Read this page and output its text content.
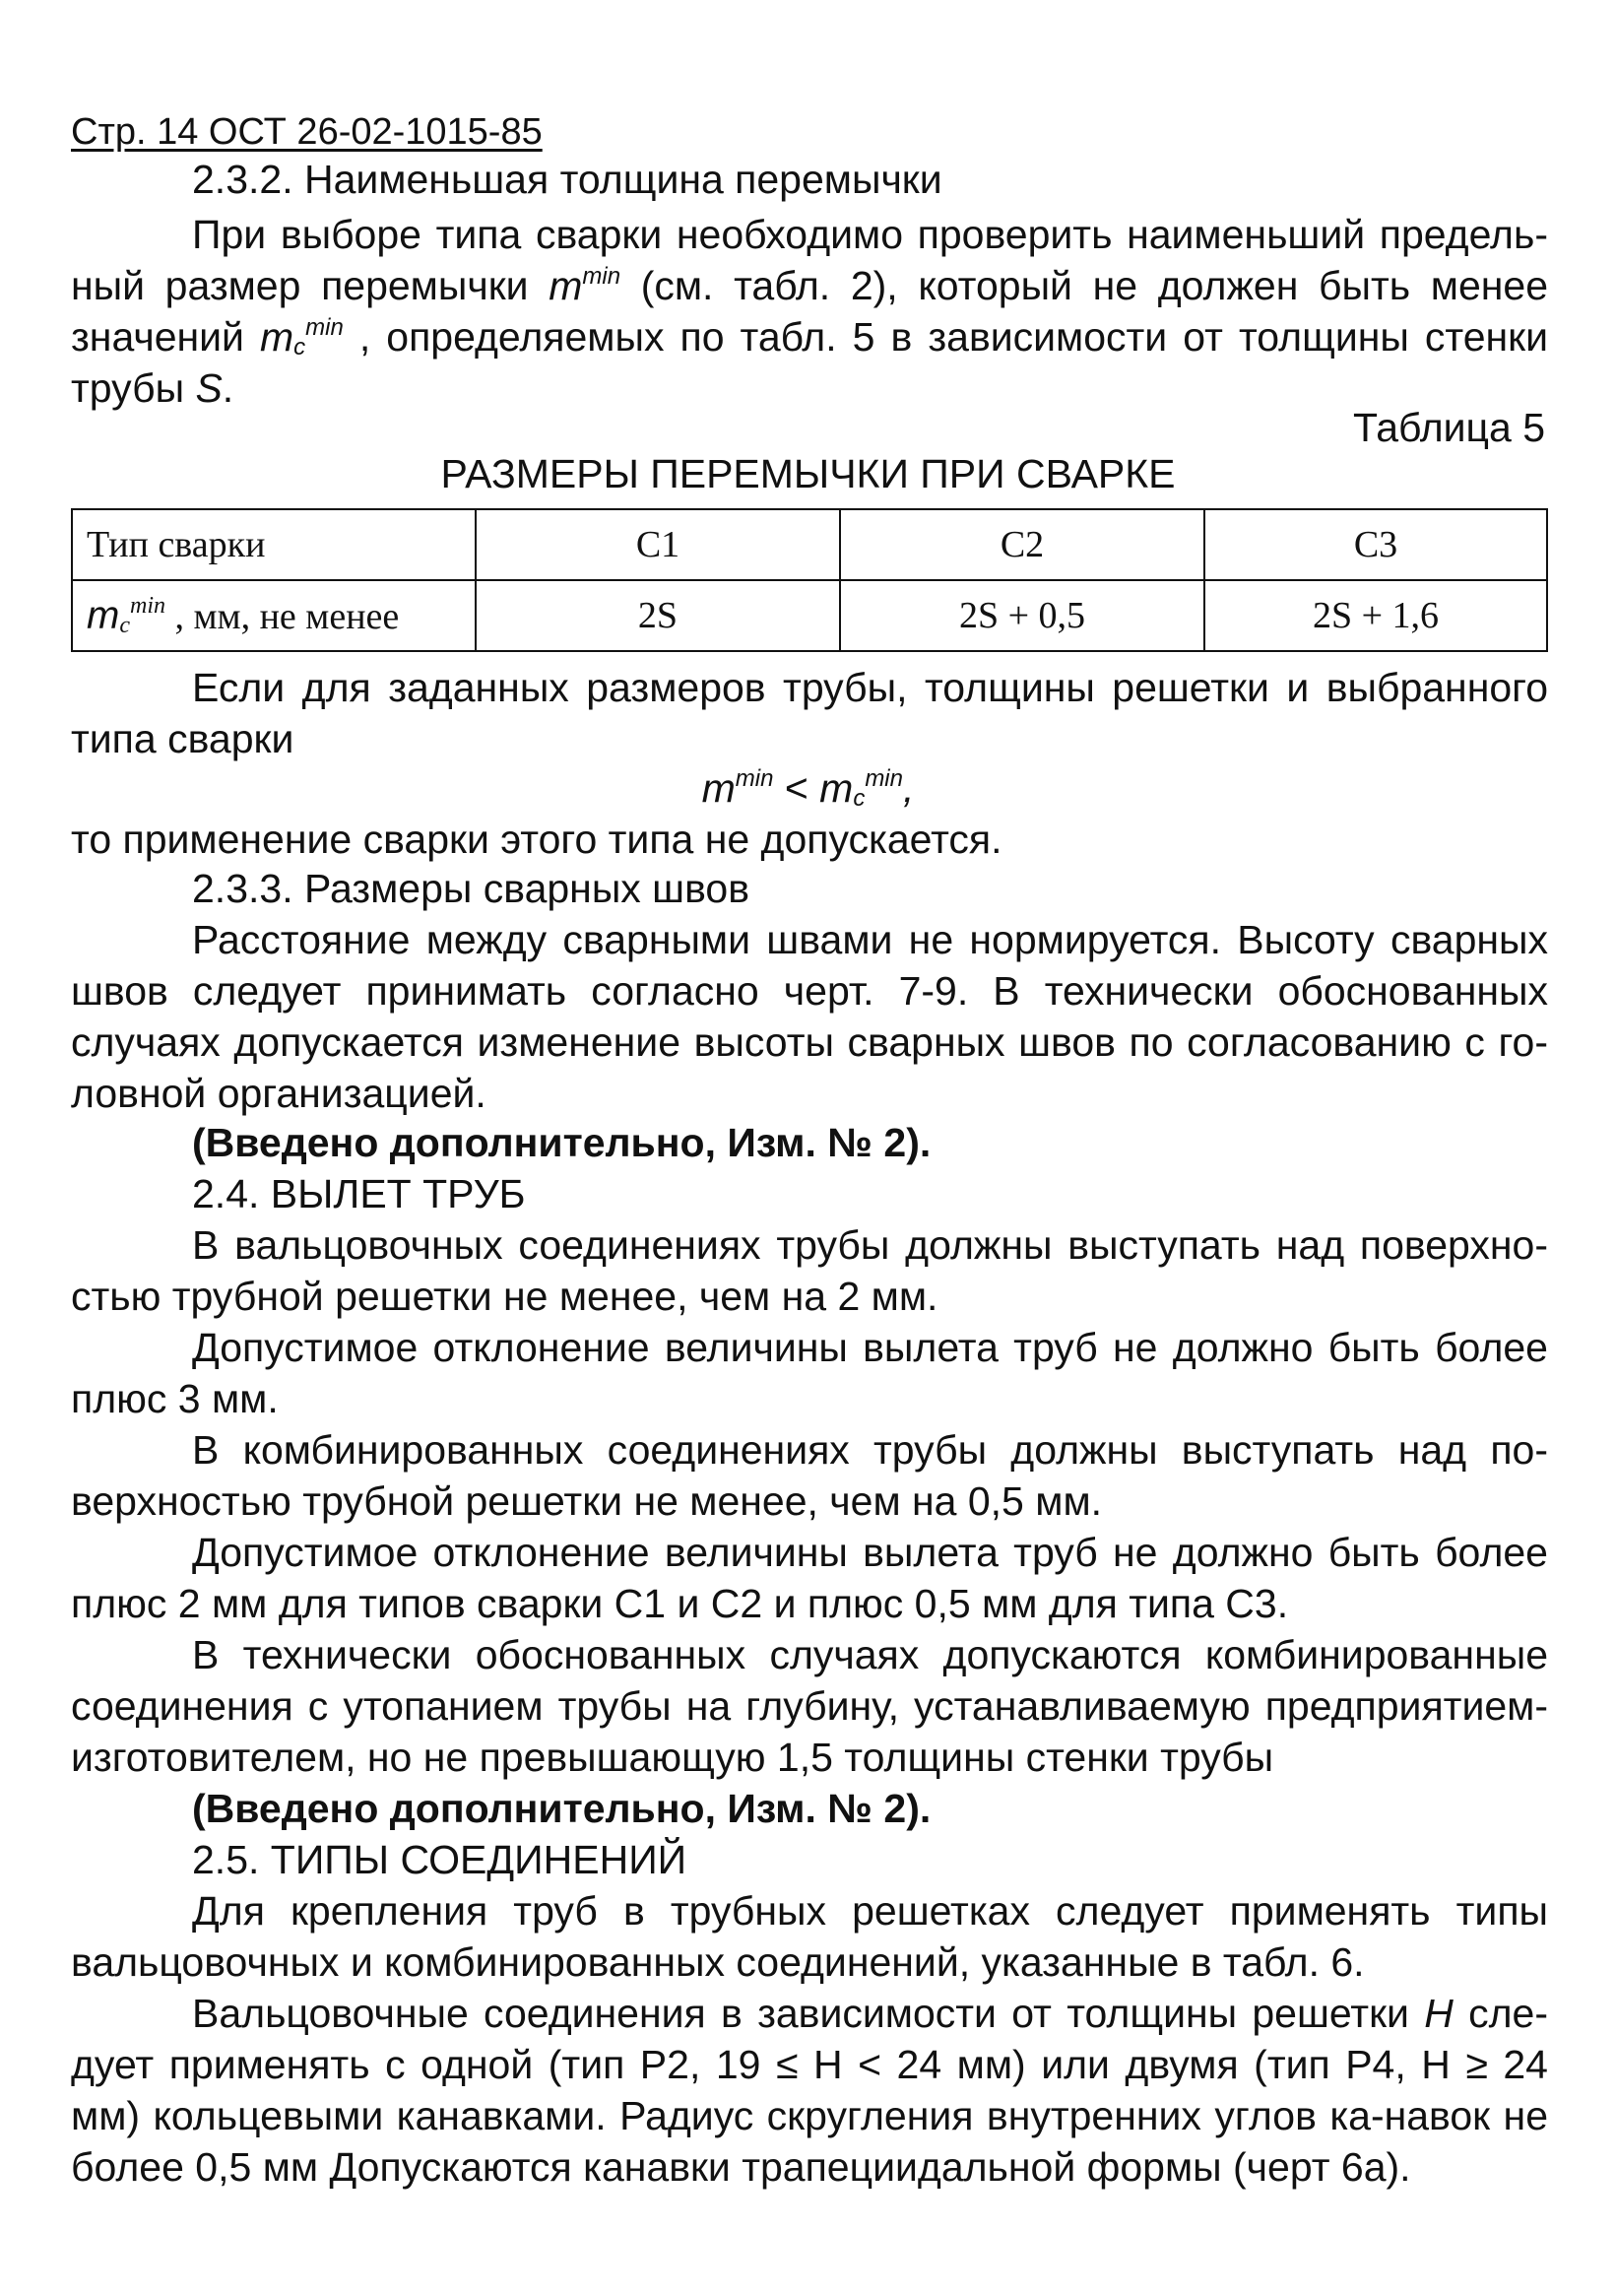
Стр. 14 ОСТ 26-02-1015-85
2.3.2. Наименьшая толщина перемычки
При выборе типа сварки необходимо проверить наименьший предель-ный размер перемычки $m^{min}$ (см. табл. 2), который не должен быть менее значений $m_c^{min}$ , определяемых по табл. 5 в зависимости от толщины стенки трубы S.
Таблица 5
РАЗМЕРЫ ПЕРЕМЫЧКИ ПРИ СВАРКЕ
Тип сварки	С1	С2	С3
$m_c^{min}$ , мм, не менее	2S	2S + 0,5	2S + 1,6
Если для заданных размеров трубы, толщины решетки и выбранного типа сварки
$m^{min} < m_c^{min}$,
то применение сварки этого типа не допускается.
2.3.3. Размеры сварных швов
Расстояние между сварными швами не нормируется. Высоту сварных швов следует принимать согласно черт. 7-9. В технически обоснованных случаях допускается изменение высоты сварных швов по согласованию с го-ловной организацией.
(Введено дополнительно, Изм. № 2).
2.4. ВЫЛЕТ ТРУБ
В вальцовочных соединениях трубы должны выступать над поверхно-стью трубной решетки не менее, чем на 2 мм.
Допустимое отклонение величины вылета труб не должно быть более плюс 3 мм.
В комбинированных соединениях трубы должны выступать над по-верхностью трубной решетки не менее, чем на 0,5 мм.
Допустимое отклонение величины вылета труб не должно быть более плюс 2 мм для типов сварки С1 и С2 и плюс 0,5 мм для типа С3.
В технически обоснованных случаях допускаются комбинированные соединения с утопанием трубы на глубину, устанавливаемую предприятием-изготовителем, но не превышающую 1,5 толщины стенки трубы
(Введено дополнительно, Изм. № 2).
2.5. ТИПЫ СОЕДИНЕНИЙ
Для крепления труб в трубных решетках следует применять типы вальцовочных и комбинированных соединений, указанные в табл. 6.
Вальцовочные соединения в зависимости от толщины решетки H сле-дует применять с одной (тип Р2, 19 ≤ Н < 24 мм) или двумя (тип Р4, Н ≥ 24 мм) кольцевыми канавками. Радиус скругления внутренних углов ка-навок не более 0,5 мм Допускаются канавки трапециидальной формы (черт 6а).
